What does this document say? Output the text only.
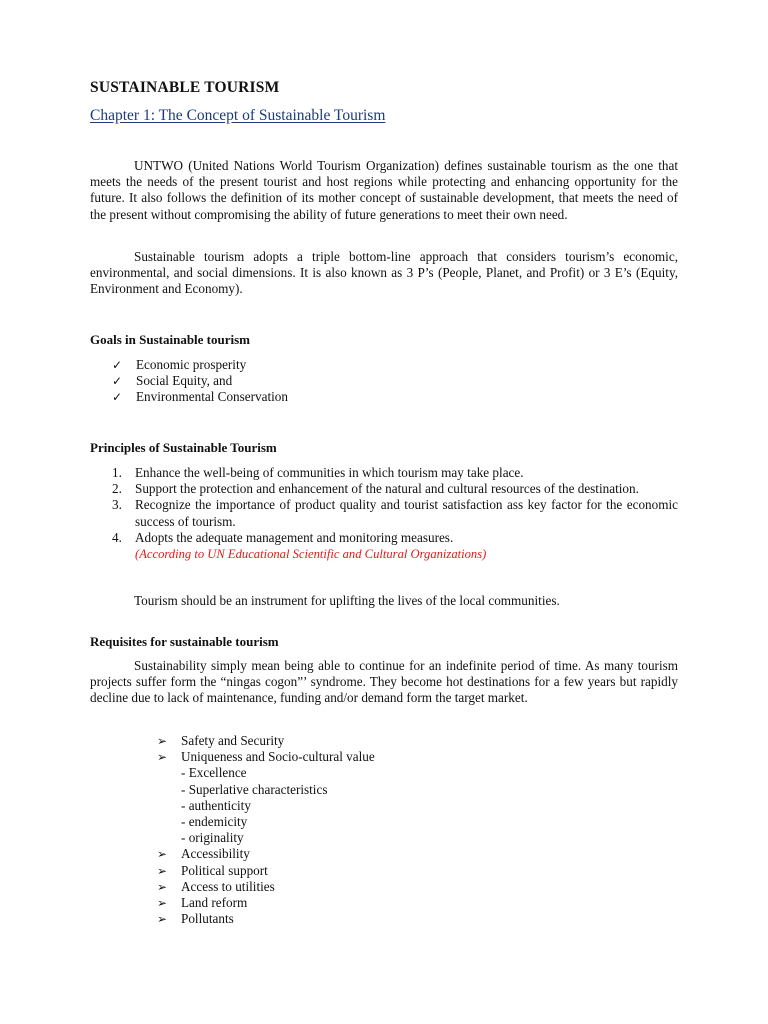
SUSTAINABLE TOURISM
Chapter 1: The Concept of Sustainable Tourism

UNTWO (United Nations World Tourism Organization) defines sustainable tourism as the one that meets the needs of the present tourist and host regions while protecting and enhancing opportunity for the future. It also follows the definition of its mother concept of sustainable development, that meets the need of the present without compromising the ability of future generations to meet their own need.

Sustainable tourism adopts a triple bottom-line approach that considers tourism’s economic, environmental, and social dimensions. It is also known as 3 P’s (People, Planet, and Profit) or 3 E’s (Equity, Environment and Economy).

Goals in Sustainable tourism
✓	Economic prosperity
✓	Social Equity, and
✓	Environmental Conservation
Principles of Sustainable Tourism
1. Enhance the well-being of communities in which tourism may take place.
2. Support the protection and enhancement of the natural and cultural resources of the destination.
3. Recognize the importance of product quality and tourist satisfaction ass key factor for the economic success of tourism.
4. Adopts the adequate management and monitoring measures.
(According to UN Educational Scientific and Cultural Organizations)

Tourism should be an instrument for uplifting the lives of the local communities.

Requisites for sustainable tourism

Sustainability simply mean being able to continue for an indefinite period of time. As many tourism projects suffer form the “ningas cogon”’ syndrome. They become hot destinations for a few years but rapidly decline due to lack of maintenance, funding and/or demand form the target market.

➢	Safety and Security
➢	Uniqueness and Socio-cultural value
- Excellence
- Superlative characteristics
- authenticity
- endemicity
- originality
➢	Accessibility
➢	Political support
➢	Access to utilities
➢	Land reform
➢	Pollutants
